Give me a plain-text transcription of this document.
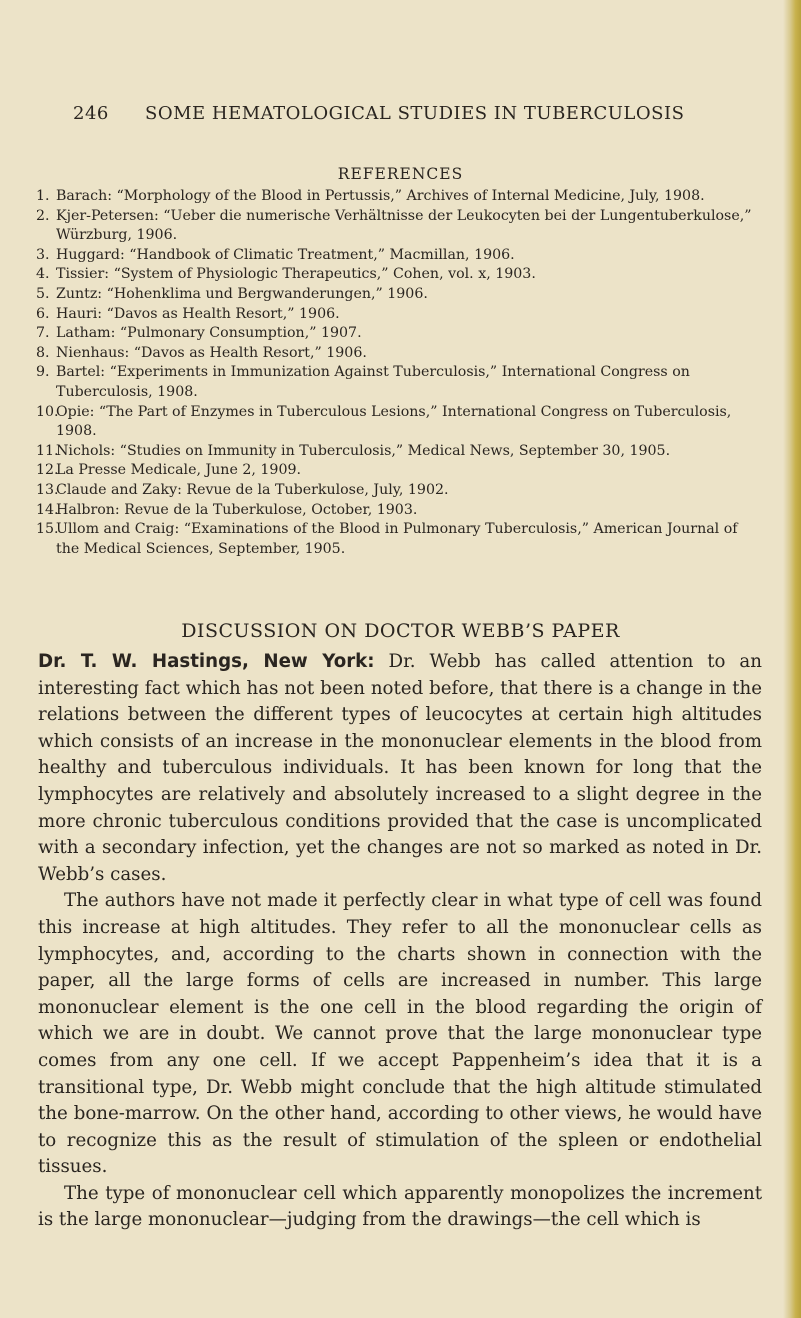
246 SOME HEMATOLOGICAL STUDIES IN TUBERCULOSIS
REFERENCES
1. Barach: “Morphology of the Blood in Pertussis,” Archives of Internal Medicine, July, 1908.
2. Kjer-Petersen: “Ueber die numerische Verhältnisse der Leukocyten bei der Lungentuberkulose,” Würzburg, 1906.
3. Huggard: “Handbook of Climatic Treatment,” Macmillan, 1906.
4. Tissier: “System of Physiologic Therapeutics,” Cohen, vol. x, 1903.
5. Zuntz: “Hohenklima und Bergwanderungen,” 1906.
6. Hauri: “Davos as Health Resort,” 1906.
7. Latham: “Pulmonary Consumption,” 1907.
8. Nienhaus: “Davos as Health Resort,” 1906.
9. Bartel: “Experiments in Immunization Against Tuberculosis,” International Congress on Tuberculosis, 1908.
10.
Opie: “The Part of Enzymes in Tuberculous Lesions,” International Congress on Tuberculosis, 1908.
11.
Nichols: “Studies on Immunity in Tuberculosis,” Medical News, September 30, 1905.
12.
La Presse Medicale, June 2, 1909.
13.
Claude and Zaky: Revue de la Tuberkulose, July, 1902.
14.
Halbron: Revue de la Tuberkulose, October, 1903.
15.
Ullom and Craig: “Examinations of the Blood in Pulmonary Tuberculosis,” American Journal of the Medical Sciences, September, 1905.
DISCUSSION ON DOCTOR WEBB’S PAPER

Dr. T. W. Hastings, New York: Dr. Webb has called attention to an interesting fact which has not been noted before, that there is a change in the relations between the different types of leucocytes at certain high altitudes which consists of an increase in the mononuclear elements in the blood from healthy and tuberculous individuals. It has been known for long that the lymphocytes are relatively and absolutely increased to a slight degree in the more chronic tuberculous conditions provided that the case is uncomplicated with a secondary infection, yet the changes are not so marked as noted in Dr. Webb’s cases.

The authors have not made it perfectly clear in what type of cell was found this increase at high altitudes. They refer to all the mononuclear cells as lymphocytes, and, according to the charts shown in connection with the paper, all the large forms of cells are increased in number. This large mononuclear element is the one cell in the blood regarding the origin of which we are in doubt. We cannot prove that the large mononuclear type comes from any one cell. If we accept Pappenheim’s idea that it is a transitional type, Dr. Webb might conclude that the high altitude stimulated the bone-marrow. On the other hand, according to other views, he would have to recognize this as the result of stimulation of the spleen or endothelial tissues.

The type of mononuclear cell which apparently monopolizes the increment is the large mononuclear—judging from the drawings—the cell which is
